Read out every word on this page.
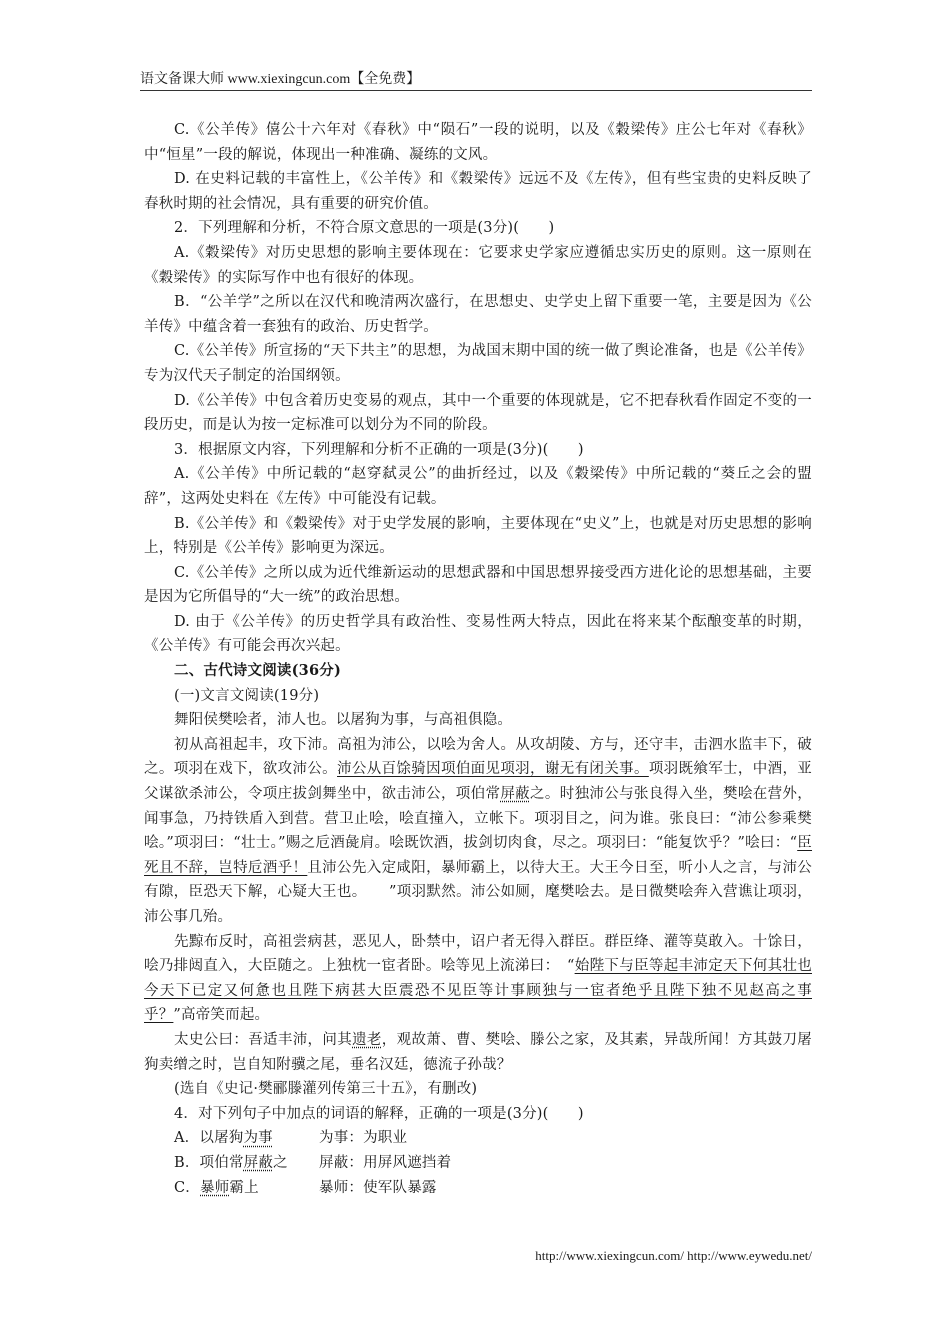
语文备课大师 www.xiexingcun.com【全免费】

C.《公羊传》僖公十六年对《春秋》中“陨石”一段的说明，以及《穀梁传》庄公七年对《春秋》中“恒星”一段的解说，体现出一种准确、凝练的文风。

D. 在史料记载的丰富性上，《公羊传》和《穀梁传》远远不及《左传》，但有些宝贵的史料反映了春秋时期的社会情况，具有重要的研究价值。

2．下列理解和分析，不符合原文意思的一项是(3分)(　　)

A.《穀梁传》对历史思想的影响主要体现在：它要求史学家应遵循忠实历史的原则。这一原则在《穀梁传》的实际写作中也有很好的体现。

B．“公羊学”之所以在汉代和晚清两次盛行，在思想史、史学史上留下重要一笔，主要是因为《公羊传》中蕴含着一套独有的政治、历史哲学。

C.《公羊传》所宣扬的“天下共主”的思想，为战国末期中国的统一做了舆论准备，也是《公羊传》专为汉代天子制定的治国纲领。

D.《公羊传》中包含着历史变易的观点，其中一个重要的体现就是，它不把春秋看作固定不变的一段历史，而是认为按一定标准可以划分为不同的阶段。

3．根据原文内容，下列理解和分析不正确的一项是(3分)(　　)

A.《公羊传》中所记载的“赵穿弑灵公”的曲折经过，以及《穀梁传》中所记载的“葵丘之会的盟辞”，这两处史料在《左传》中可能没有记载。

B.《公羊传》和《穀梁传》对于史学发展的影响，主要体现在“史义”上，也就是对历史思想的影响上，特别是《公羊传》影响更为深远。

C.《公羊传》之所以成为近代维新运动的思想武器和中国思想界接受西方进化论的思想基础，主要是因为它所倡导的“大一统”的政治思想。

D. 由于《公羊传》的历史哲学具有政治性、变易性两大特点，因此在将来某个酝酿变革的时期，《公羊传》有可能会再次兴起。

二、古代诗文阅读(36分)

(一)文言文阅读(19分)

舞阳侯樊哙者，沛人也。以屠狗为事，与高祖俱隐。

初从高祖起丰，攻下沛。高祖为沛公，以哙为舍人。从攻胡陵、方与，还守丰，击泗水监丰下，破之。项羽在戏下，欲攻沛公。沛公从百馀骑因项伯面见项羽，谢无有闭关事。项羽既飨军士，中酒，亚父谋欲杀沛公，令项庄拔剑舞坐中，欲击沛公，项伯常屏蔽之。时独沛公与张良得入坐，樊哙在营外，闻事急，乃持铁盾入到营。营卫止哙，哙直撞入，立帐下。项羽目之，问为谁。张良曰：“沛公参乘樊哙。”项羽曰：“壮士。”赐之卮酒彘肩。哙既饮酒，拔剑切肉食，尽之。项羽曰：“能复饮乎？”哙曰：“臣死且不辞，岂特卮酒乎！且沛公先入定咸阳，暴师霸上，以待大王。大王今日至，听小人之言，与沛公有隙，臣恐天下解，心疑大王也。　　”项羽默然。沛公如厕，麾樊哙去。是日微樊哙奔入营谯让项羽，沛公事几殆。

先黥布反时，高祖尝病甚，恶见人，卧禁中，诏户者无得入群臣。群臣绛、灌等莫敢入。十馀日，哙乃排闼直入，大臣随之。上独枕一宦者卧。哙等见上流涕曰：　“始陛下与臣等起丰沛定天下何其壮也今天下已定又何惫也且陛下病甚大臣震恐不见臣等计事顾独与一宦者绝乎且陛下独不见赵高之事乎？”高帝笑而起。

太史公曰：吾适丰沛，问其遗老，观故萧、曹、樊哙、滕公之家，及其素，异哉所闻！方其鼓刀屠狗卖缯之时，岂自知附骥之尾，垂名汉廷，德流子孙哉？

(选自《史记·樊郦滕灌列传第三十五》，有删改)

4．对下列句子中加点的词语的解释，正确的一项是(3分)(　　)

A．以屠狗为事	为事：为职业
B．项伯常屏蔽之	屏蔽：用屏风遮挡着
C．暴师霸上	暴师：使军队暴露
http://www.xiexingcun.com/ http://www.eywedu.net/
